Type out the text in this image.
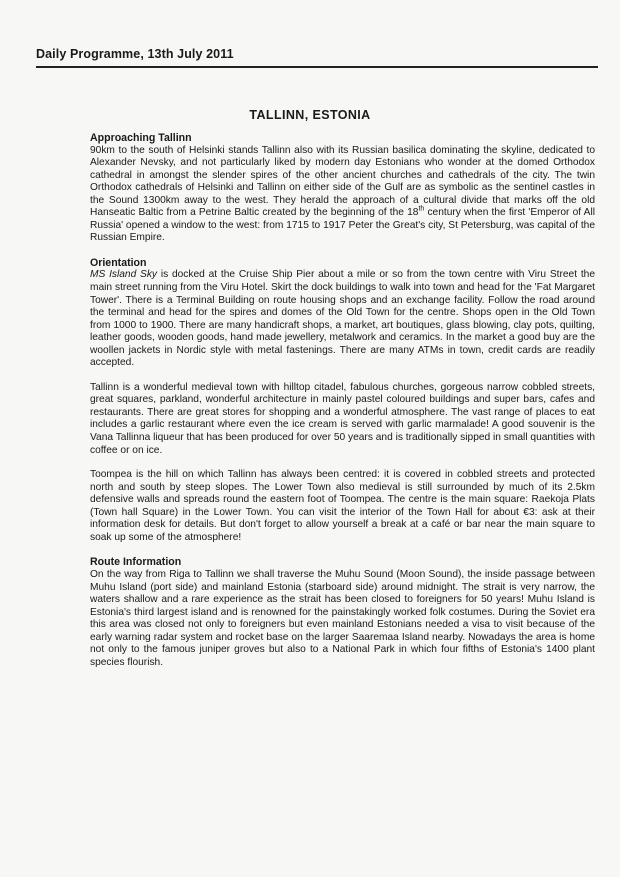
Daily Programme, 13th July 2011
TALLINN, ESTONIA

Approaching Tallinn

90km to the south of Helsinki stands Tallinn also with its Russian basilica dominating the skyline, dedicated to Alexander Nevsky, and not particularly liked by modern day Estonians who wonder at the domed Orthodox cathedral in amongst the slender spires of the other ancient churches and cathedrals of the city. The twin Orthodox cathedrals of Helsinki and Tallinn on either side of the Gulf are as symbolic as the sentinel castles in the Sound 1300km away to the west. They herald the approach of a cultural divide that marks off the old Hanseatic Baltic from a Petrine Baltic created by the beginning of the 18th century when the first 'Emperor of All Russia' opened a window to the west: from 1715 to 1917 Peter the Great's city, St Petersburg, was capital of the Russian Empire.

Orientation

MS Island Sky is docked at the Cruise Ship Pier about a mile or so from the town centre with Viru Street the main street running from the Viru Hotel. Skirt the dock buildings to walk into town and head for the 'Fat Margaret Tower'. There is a Terminal Building on route housing shops and an exchange facility. Follow the road around the terminal and head for the spires and domes of the Old Town for the centre. Shops open in the Old Town from 1000 to 1900. There are many handicraft shops, a market, art boutiques, glass blowing, clay pots, quilting, leather goods, wooden goods, hand made jewellery, metalwork and ceramics. In the market a good buy are the woollen jackets in Nordic style with metal fastenings. There are many ATMs in town, credit cards are readily accepted.

Tallinn is a wonderful medieval town with hilltop citadel, fabulous churches, gorgeous narrow cobbled streets, great squares, parkland, wonderful architecture in mainly pastel coloured buildings and super bars, cafes and restaurants. There are great stores for shopping and a wonderful atmosphere. The vast range of places to eat includes a garlic restaurant where even the ice cream is served with garlic marmalade! A good souvenir is the Vana Tallinna liqueur that has been produced for over 50 years and is traditionally sipped in small quantities with coffee or on ice.

Toompea is the hill on which Tallinn has always been centred: it is covered in cobbled streets and protected north and south by steep slopes. The Lower Town also medieval is still surrounded by much of its 2.5km defensive walls and spreads round the eastern foot of Toompea. The centre is the main square: Raekoja Plats (Town hall Square) in the Lower Town. You can visit the interior of the Town Hall for about €3: ask at their information desk for details. But don't forget to allow yourself a break at a café or bar near the main square to soak up some of the atmosphere!

Route Information

On the way from Riga to Tallinn we shall traverse the Muhu Sound (Moon Sound), the inside passage between Muhu Island (port side) and mainland Estonia (starboard side) around midnight. The strait is very narrow, the waters shallow and a rare experience as the strait has been closed to foreigners for 50 years! Muhu Island is Estonia's third largest island and is renowned for the painstakingly worked folk costumes. During the Soviet era this area was closed not only to foreigners but even mainland Estonians needed a visa to visit because of the early warning radar system and rocket base on the larger Saaremaa Island nearby. Nowadays the area is home not only to the famous juniper groves but also to a National Park in which four fifths of Estonia's 1400 plant species flourish.
